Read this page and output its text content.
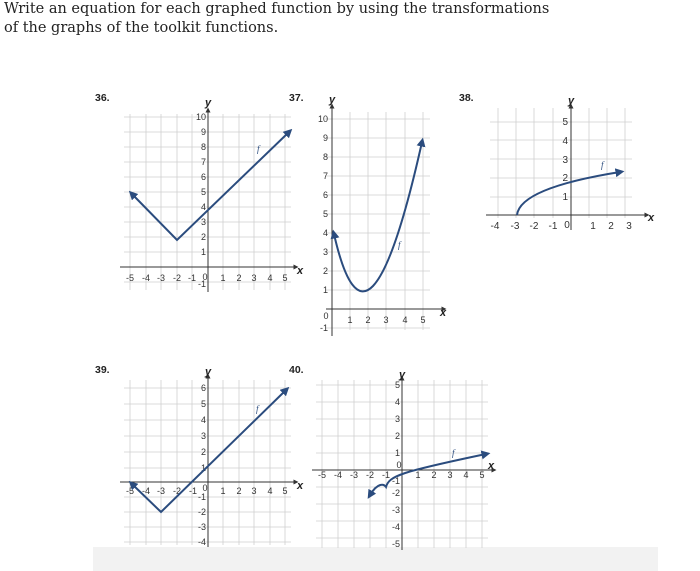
Write an equation for each graphed function by using the transformations of the graphs of the toolkit functions.
36.	37.	38.
39.	40.
-5 -4 -3 -2 -1 0 1 2 3 4 5
-1
1
2
3
4
5
6
7
8
9
10
y
x
f
0 1 2 3 4 5
-1
1
2
3
4
5
6
7
8
9
10
y
x
f
-4 -3 -2 -1 0 1 2 3
1
2
3
4
5
y
x
f
-5 -4 -3 -2 -1 0 1 2 3 4 5
-4
-3
-2
-1
1
2
3
4
5
6
y
x
f
-5 -4 -3 -2 -1
0
1 2 3 4 5
-5
-4
-3
-2
-1
1
2
3
4
5
y
x
f
